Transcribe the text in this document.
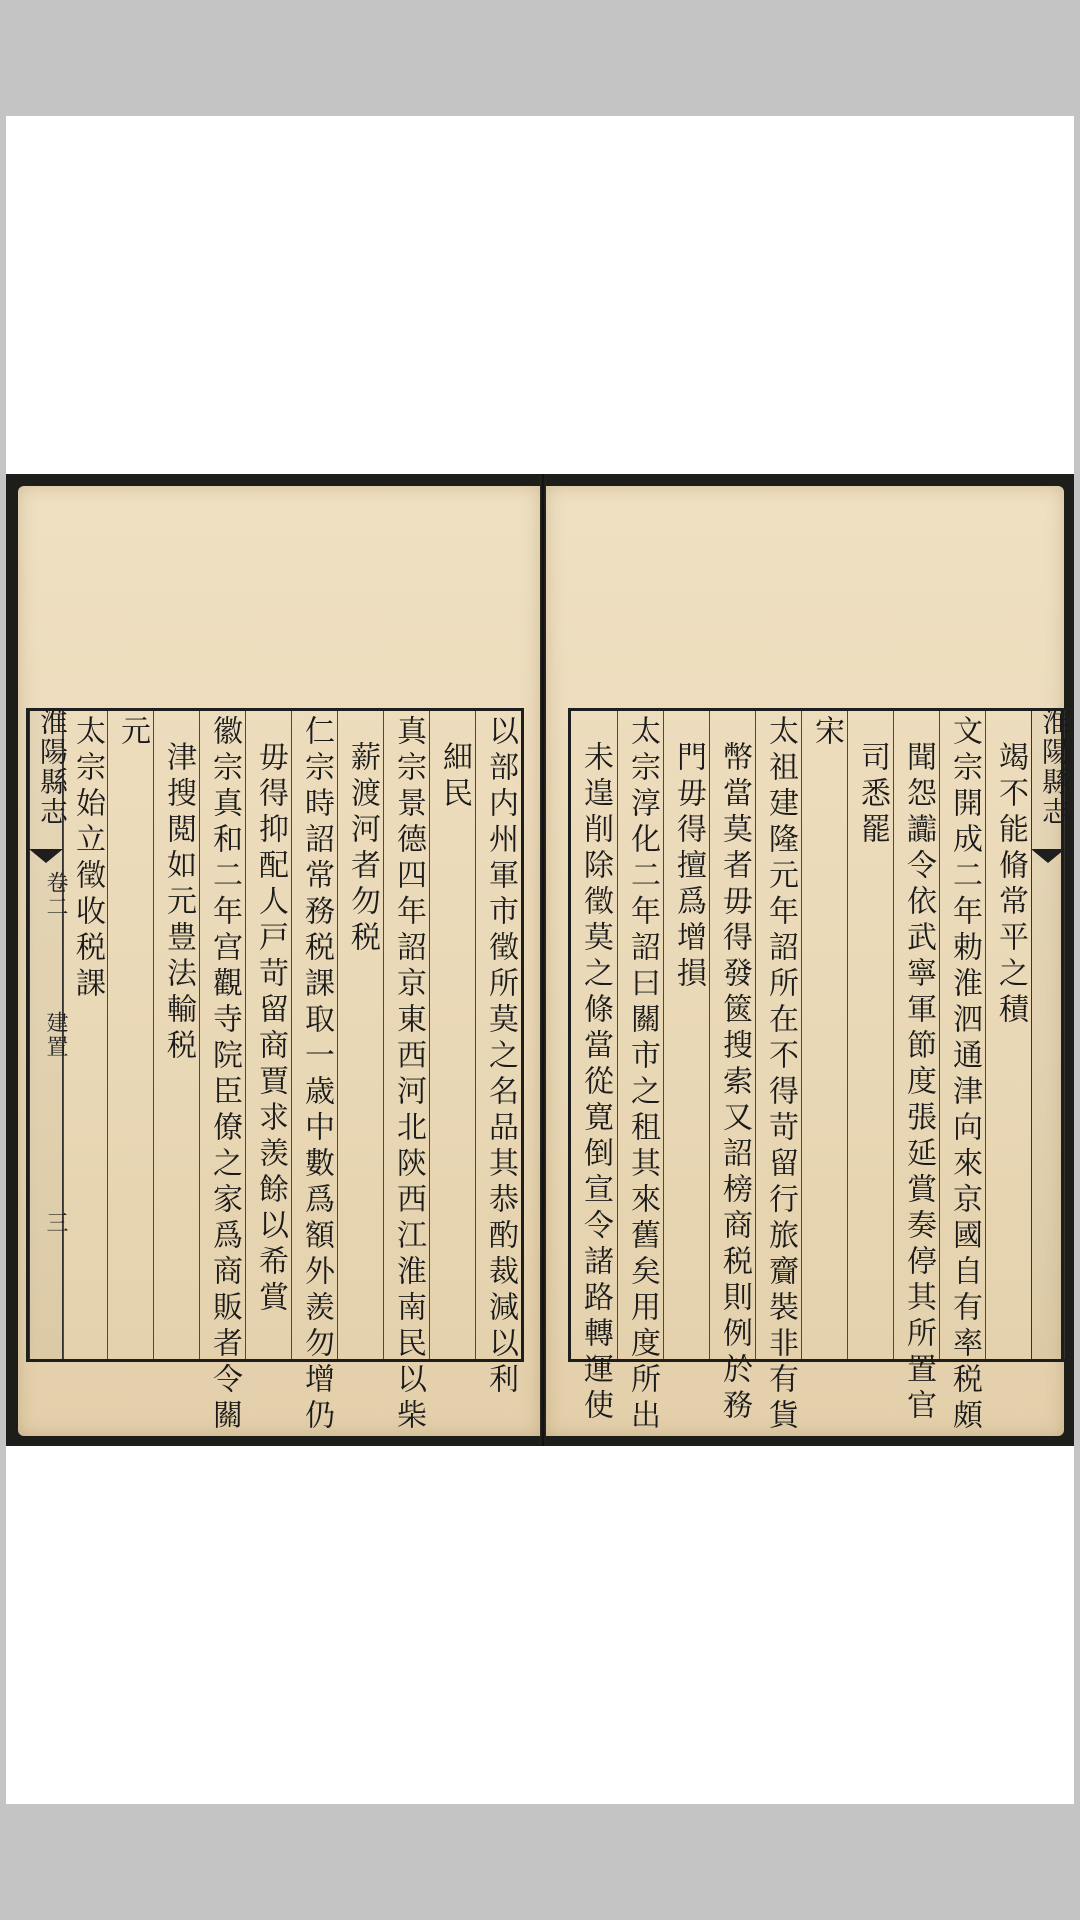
以部内州軍市徵所莫之名品其恭酌裁減以利
細民
真宗景德四年詔京東西河北陝西江淮南民以柴
薪渡河者勿税
仁宗時詔常務税課取一歳中數爲額外羨勿增仍
毋得抑配人戸苛留商賈求羡餘以希賞
徽宗真和二年宫觀寺院臣僚之家爲商販者令關
津搜閲如元豊法輸税
元
太宗始立徵收税課
淮陽縣志
卷二
建置
三
淮陽縣志
竭不能脩常平之積
文宗開成二年勅淮泗通津向來京國自有率税頗
聞怨讟令依武寧軍節度張延賞奏停其所置官
司悉罷
宋
太祖建隆元年詔所在不得苛留行旅齎裝非有貨
幣當莫者毋得發篋搜索又詔榜商税則例於務
門毋得擅爲增損
太宗淳化二年詔曰關市之租其來舊矣用度所出
未遑削除徵莫之條當從寛倒宣令諸路轉運使
